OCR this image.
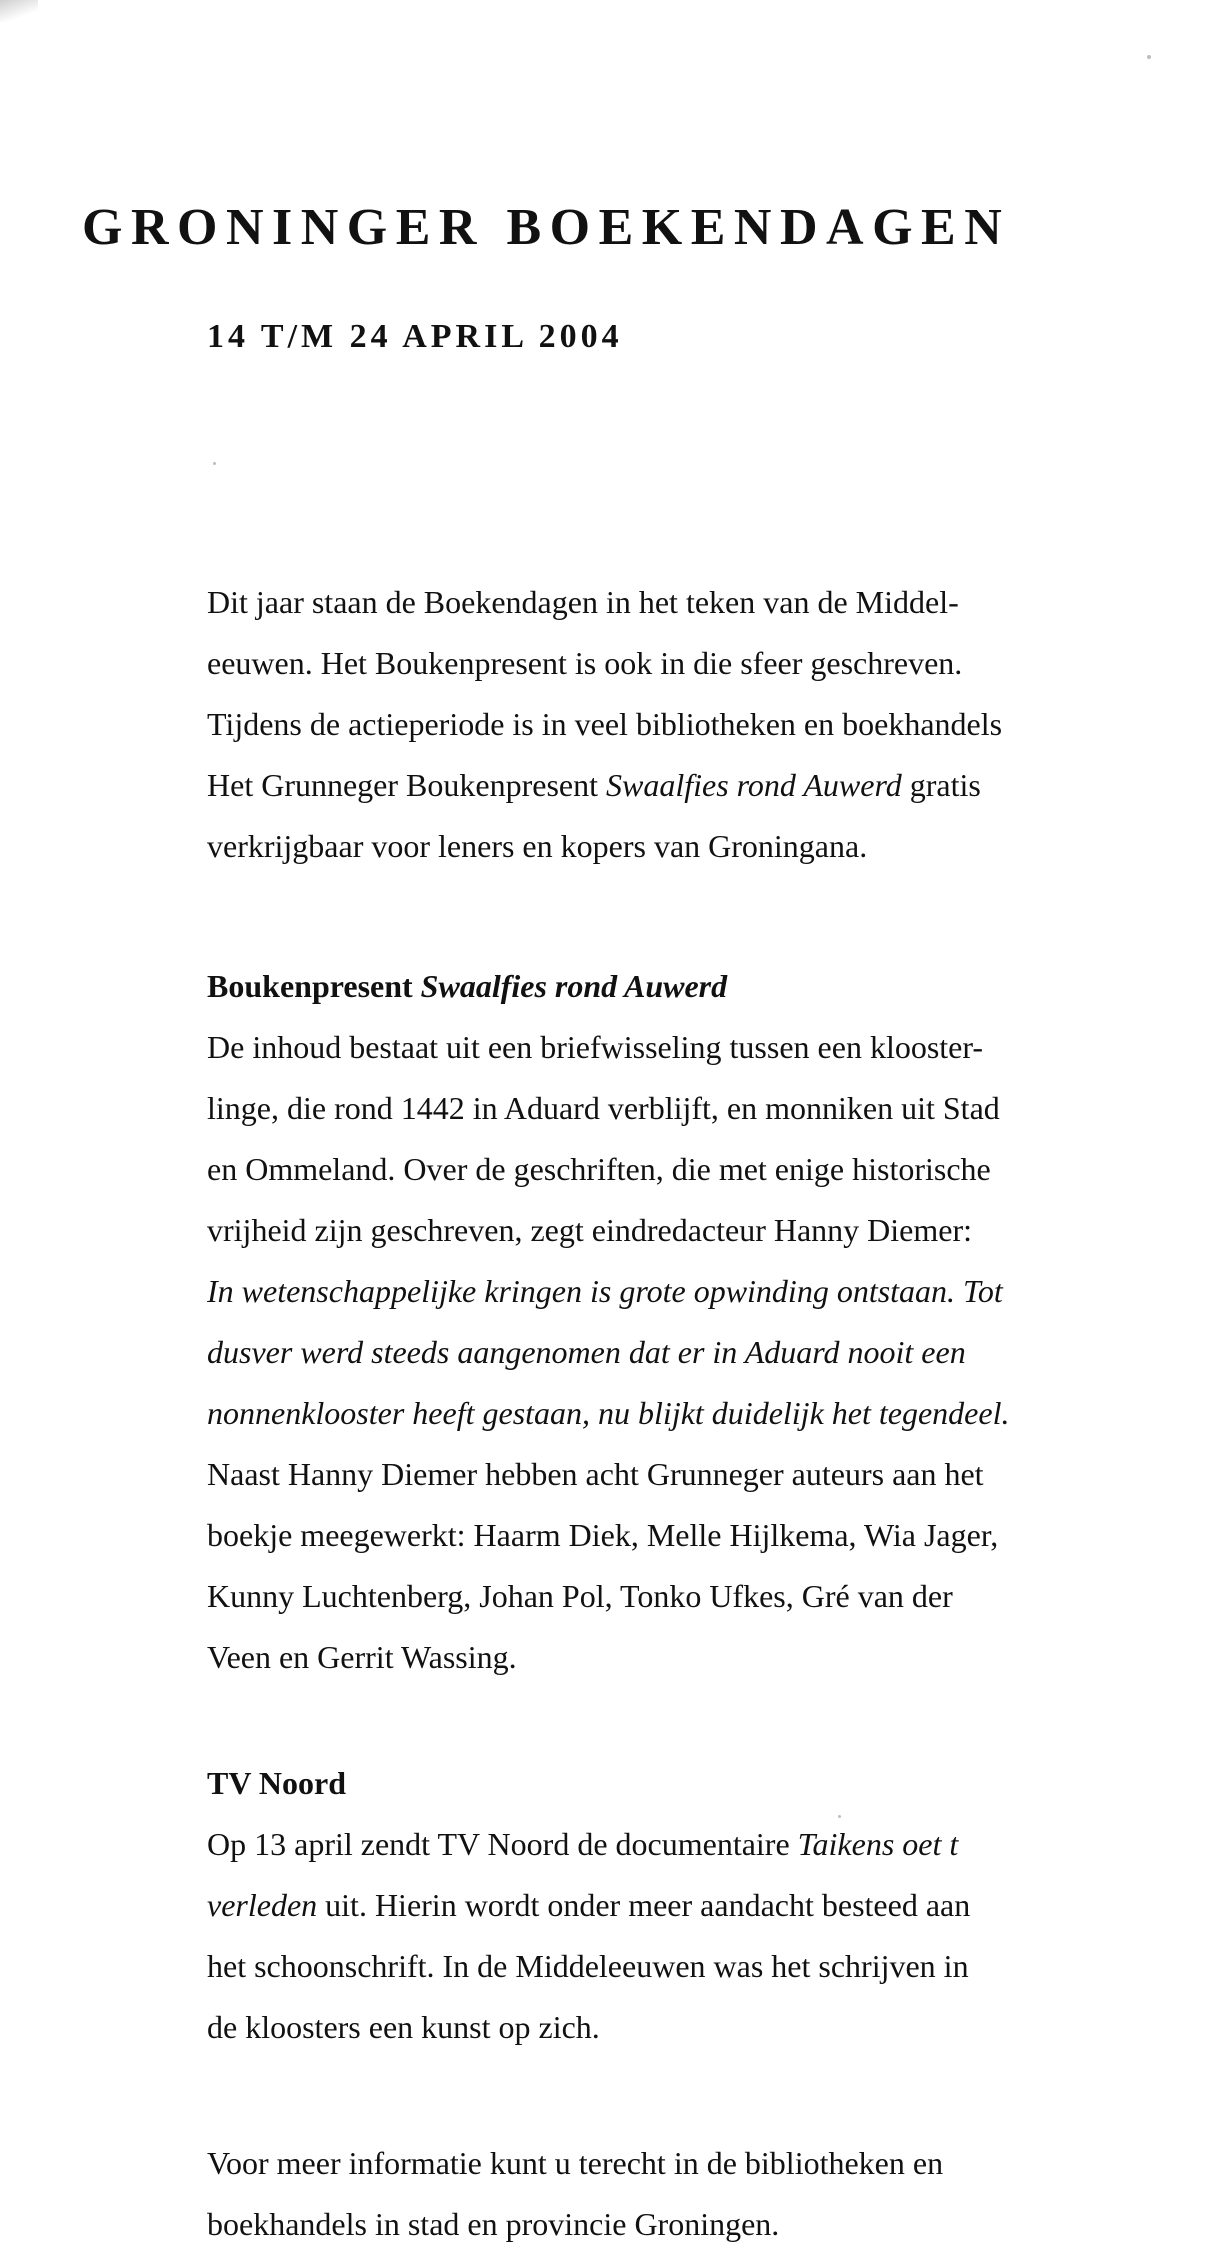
GRONINGER BOEKENDAGEN
14 T/M 24 APRIL 2004
Dit jaar staan de Boekendagen in het teken van de Middel-
eeuwen. Het Boukenpresent is ook in die sfeer geschreven.
Tijdens de actieperiode is in veel bibliotheken en boekhandels
Het Grunneger Boukenpresent Swaalfies rond Auwerd gratis
verkrijgbaar voor leners en kopers van Groningana.
Boukenpresent Swaalfies rond Auwerd
De inhoud bestaat uit een briefwisseling tussen een klooster-
linge, die rond 1442 in Aduard verblijft, en monniken uit Stad
en Ommeland. Over de geschriften, die met enige historische
vrijheid zijn geschreven, zegt eindredacteur Hanny Diemer:
In wetenschappelijke kringen is grote opwinding ontstaan. Tot
dusver werd steeds aangenomen dat er in Aduard nooit een
nonnenklooster heeft gestaan, nu blijkt duidelijk het tegendeel.
Naast Hanny Diemer hebben acht Grunneger auteurs aan het
boekje meegewerkt: Haarm Diek, Melle Hijlkema, Wia Jager,
Kunny Luchtenberg, Johan Pol, Tonko Ufkes, Gré van der
Veen en Gerrit Wassing.
TV Noord
Op 13 april zendt TV Noord de documentaire Taikens oet t
verleden uit. Hierin wordt onder meer aandacht besteed aan
het schoonschrift. In de Middeleeuwen was het schrijven in
de kloosters een kunst op zich.
Voor meer informatie kunt u terecht in de bibliotheken en
boekhandels in stad en provincie Groningen.
